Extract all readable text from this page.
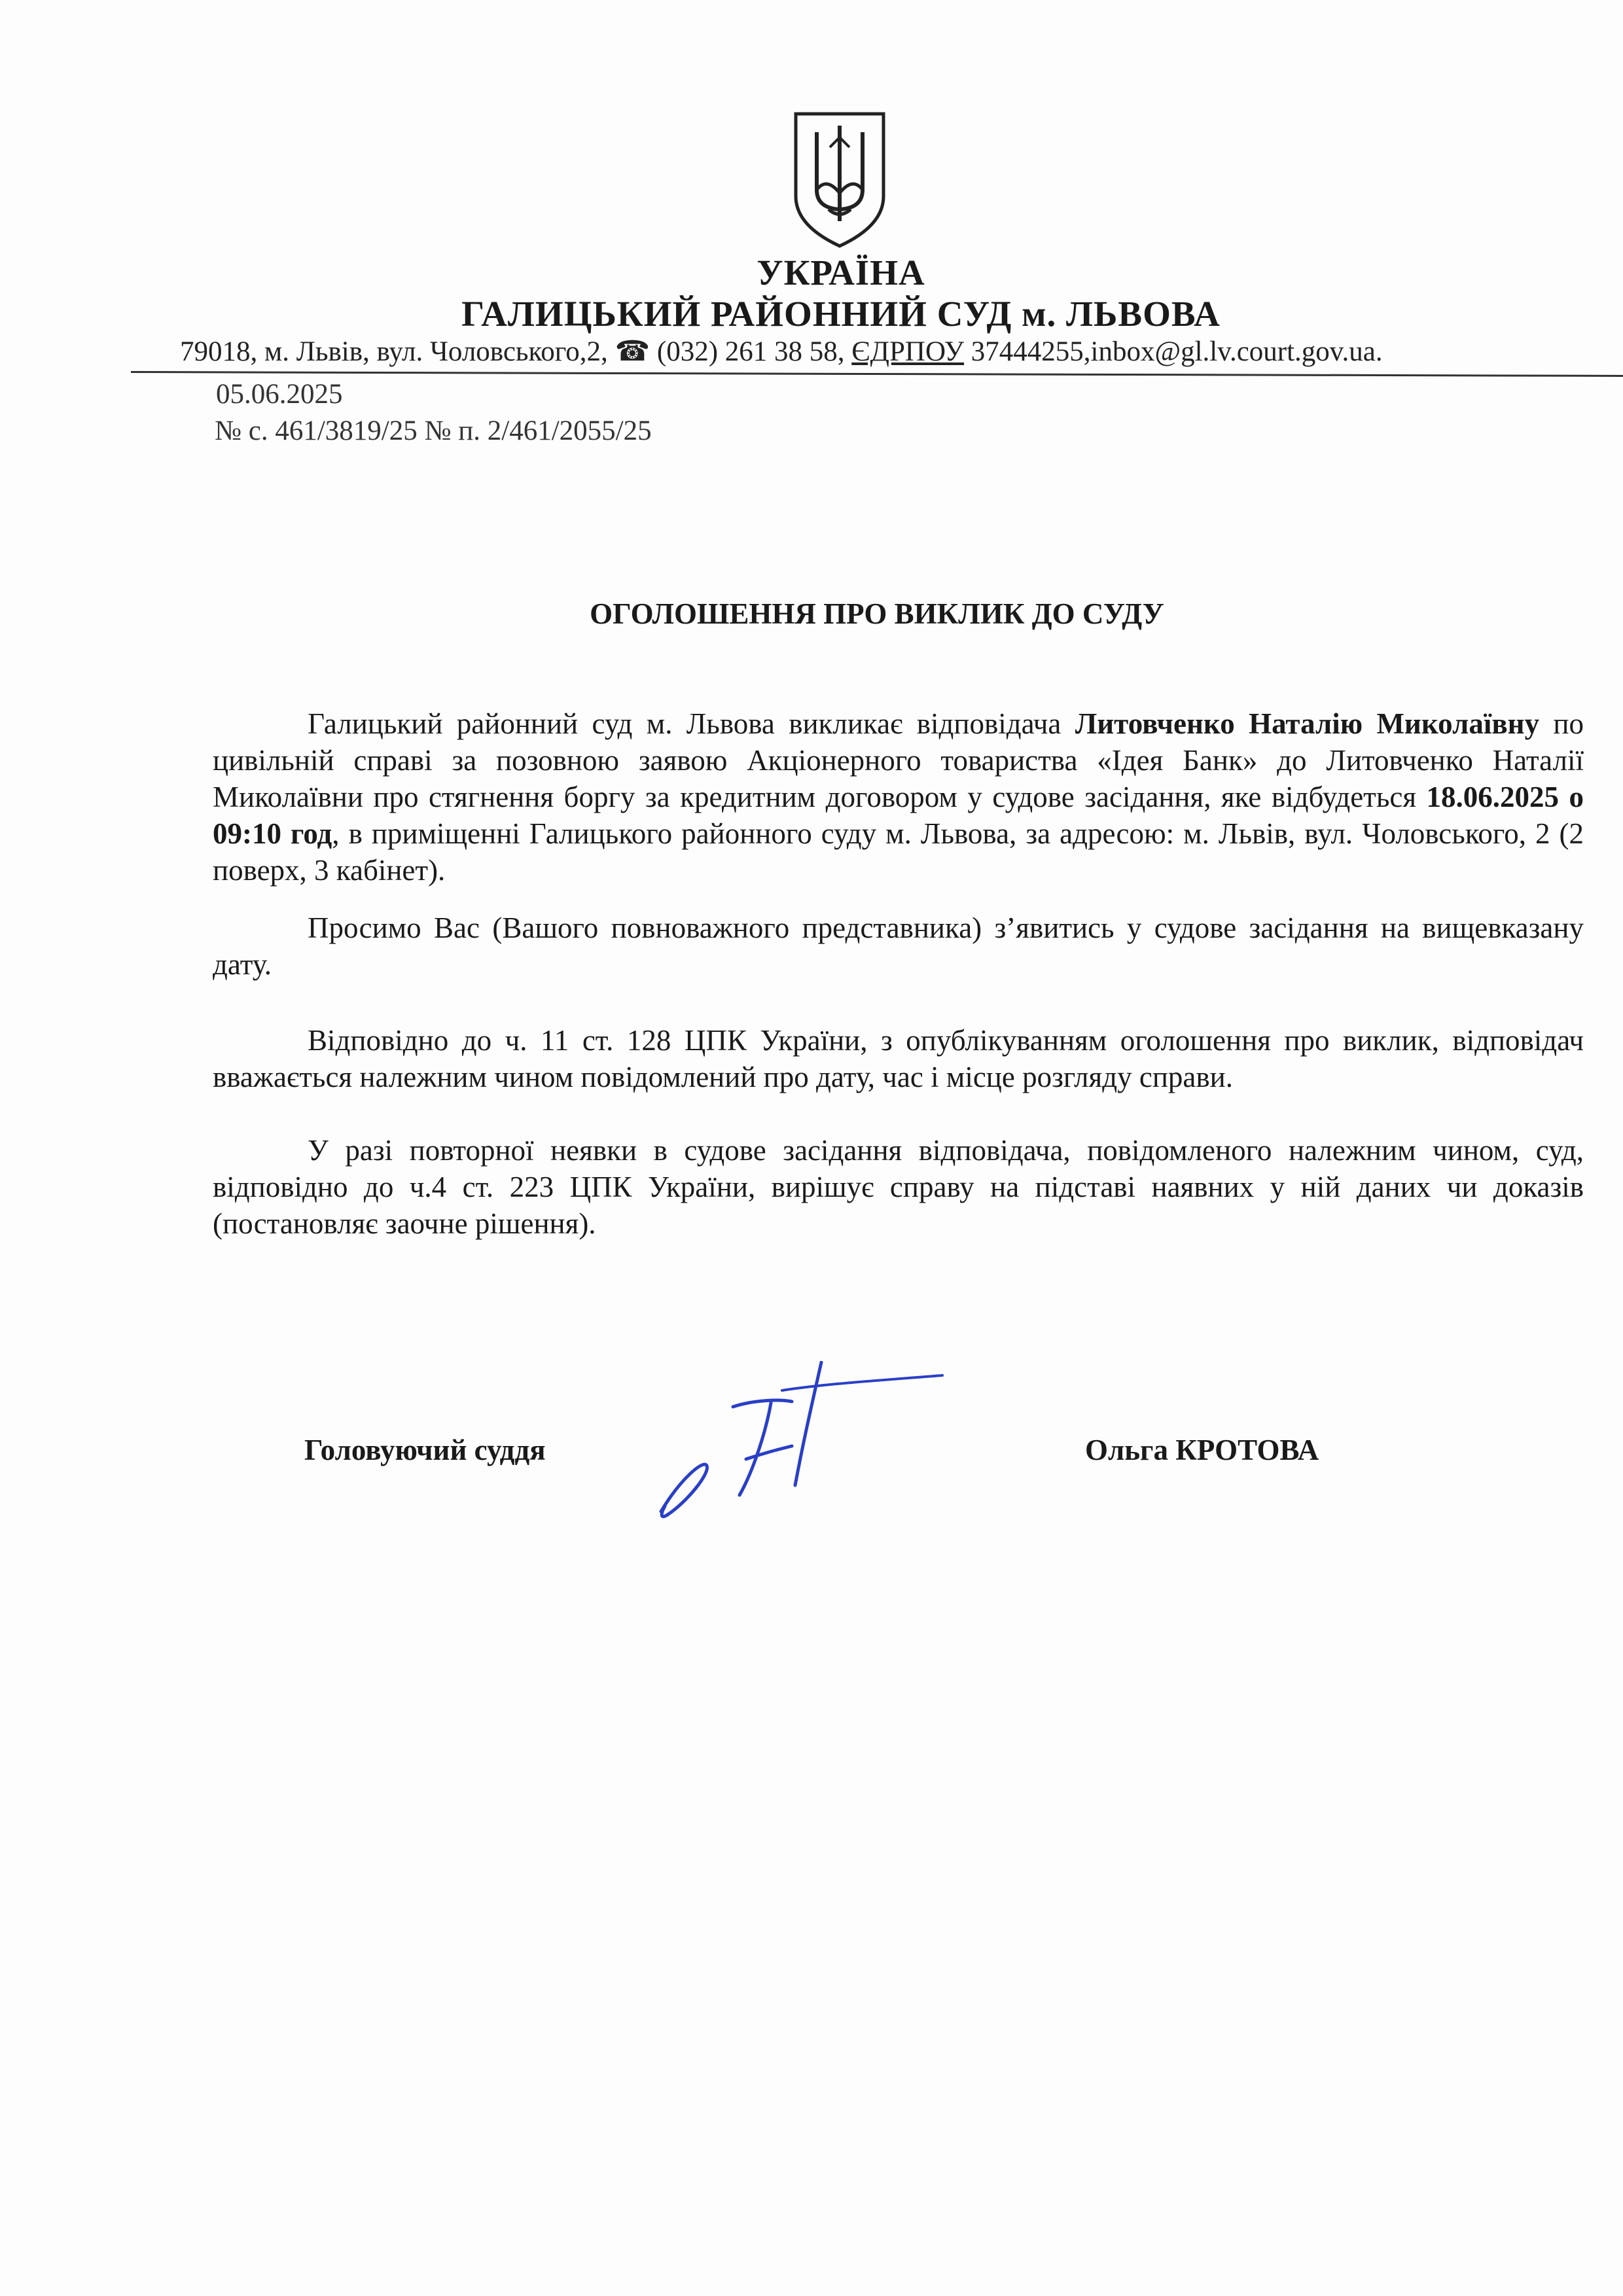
УКРАЇНА
ГАЛИЦЬКИЙ РАЙОННИЙ СУД м. ЛЬВОВА
79018, м. Львів, вул. Чоловського,2, ☎ (032) 261 38 58, ЄДРПОУ 37444255,inbox@gl.lv.court.gov.ua.
05.06.2025
№ с. 461/3819/25 № п. 2/461/2055/25
ОГОЛОШЕННЯ ПРО ВИКЛИК ДО СУДУ
Галицький районний суд м. Львова викликає відповідача Литовченко Наталію Миколаївну по цивільній справі за позовною заявою Акціонерного товариства «Ідея Банк» до Литовченко Наталії Миколаївни про стягнення боргу за кредитним договором у судове засідання, яке відбудеться 18.06.2025 о 09:10 год, в приміщенні Галицького районного суду м. Львова, за адресою: м. Львів, вул. Чоловського, 2 (2 поверх, 3 кабінет).
Просимо Вас (Вашого повноважного представника) з’явитись у судове засідання на вищевказану дату.
Відповідно до ч. 11 ст. 128 ЦПК України, з опублікуванням оголошення про виклик, відповідач вважається належним чином повідомлений про дату, час і місце розгляду справи.
У разі повторної неявки в судове засідання відповідача, повідомленого належним чином, суд, відповідно до ч.4 ст. 223 ЦПК України, вирішує справу на підставі наявних у ній даних чи доказів (постановляє заочне рішення).
Головуючий суддя	Ольга КРОТОВА
